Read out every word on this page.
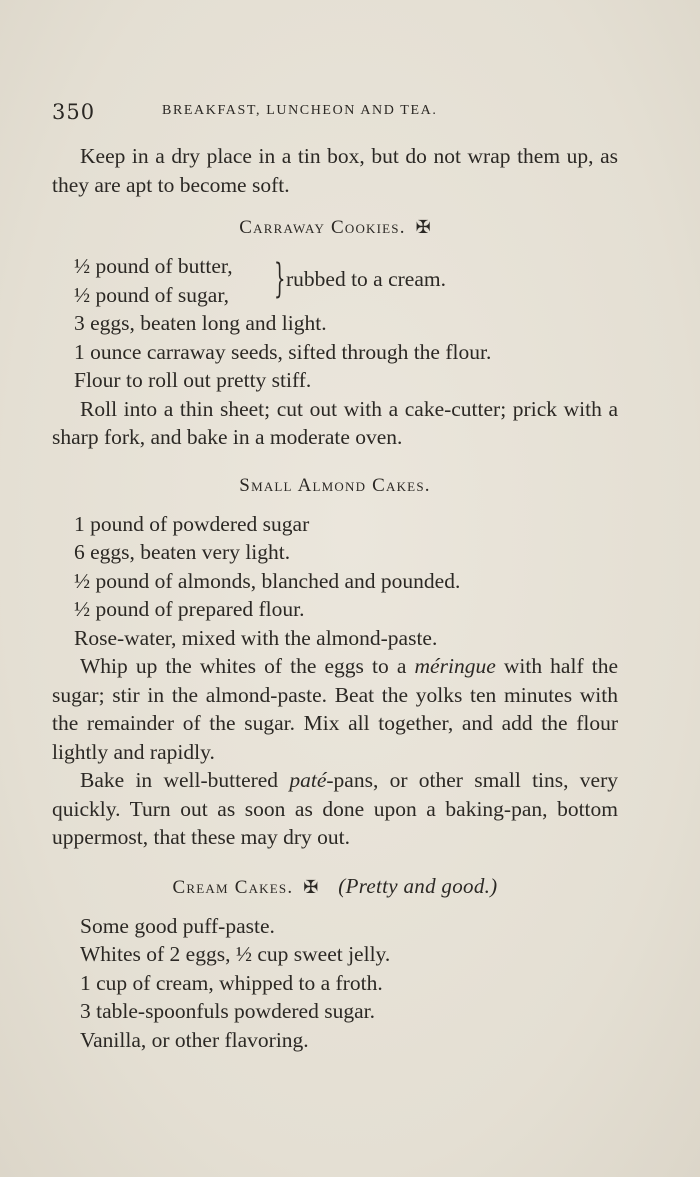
350	BREAKFAST, LUNCHEON AND TEA.

Keep in a dry place in a tin box, but do not wrap them up, as they are apt to become soft.

Carraway Cookies. ✠

½ pound of butter,
½ pound of sugar,	} rubbed to a cream.

3 eggs, beaten long and light.

1 ounce carraway seeds, sifted through the flour.

Flour to roll out pretty stiff.

Roll into a thin sheet; cut out with a cake-cutter; prick with a sharp fork, and bake in a moderate oven.

Small Almond Cakes.

1 pound of powdered sugar

6 eggs, beaten very light.

½ pound of almonds, blanched and pounded.

½ pound of prepared flour.

Rose-water, mixed with the almond-paste.

Whip up the whites of the eggs to a méringue with half the sugar; stir in the almond-paste. Beat the yolks ten minutes with the remainder of the sugar. Mix all together, and add the flour lightly and rapidly.

Bake in well-buttered paté-pans, or other small tins, very quickly. Turn out as soon as done upon a baking-pan, bottom uppermost, that these may dry out.

Cream Cakes. ✠ (Pretty and good.)

Some good puff-paste.

Whites of 2 eggs, ½ cup sweet jelly.

1 cup of cream, whipped to a froth.

3 table-spoonfuls powdered sugar.

Vanilla, or other flavoring.
